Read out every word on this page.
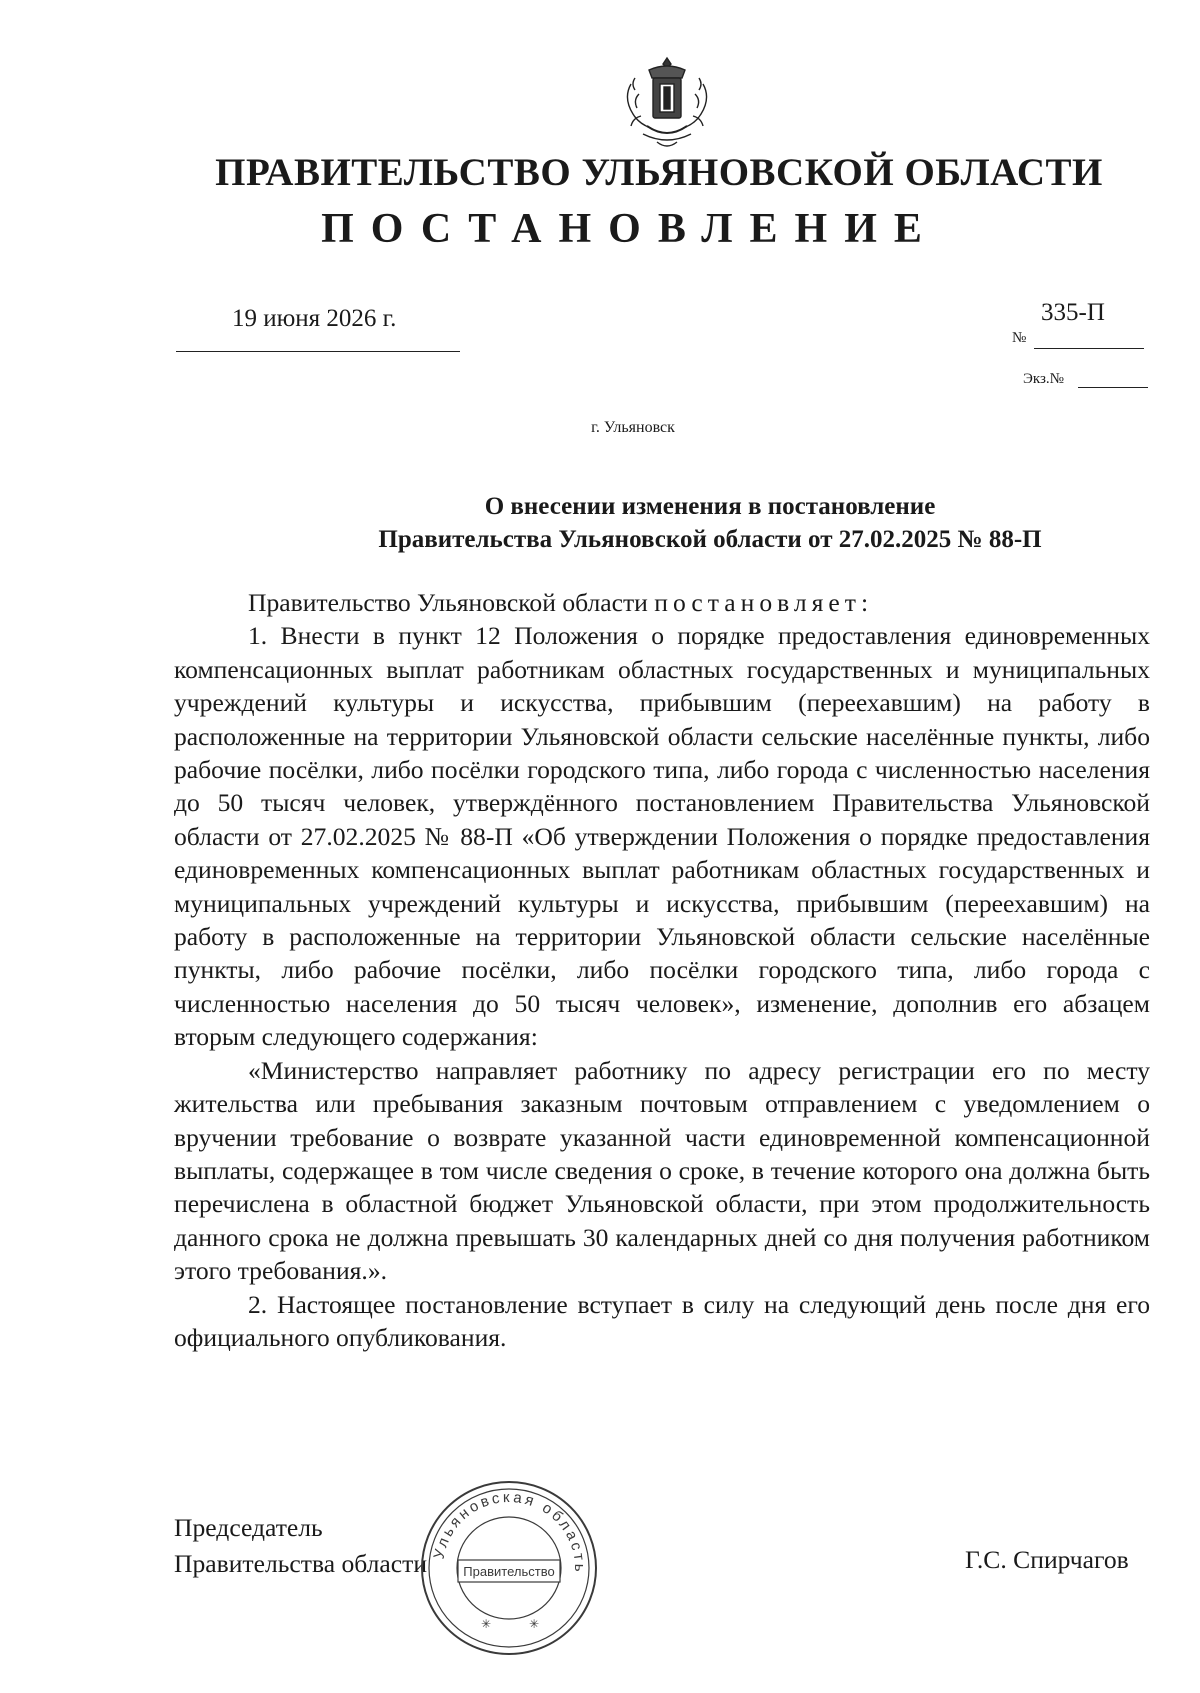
ПРАВИТЕЛЬСТВО УЛЬЯНОВСКОЙ ОБЛАСТИ
ПОСТАНОВЛЕНИЕ
19 июня 2026 г.	335-П
№
Экз.№
г. Ульяновск
О внесении изменения в постановление
Правительства Ульяновской области от 27.02.2025 № 88-П

Правительство Ульяновской области постановляет:

1. Внести в пункт 12 Положения о порядке предоставления единовременных компенсационных выплат работникам областных государственных и муниципальных учреждений культуры и искусства, прибывшим (переехавшим) на работу в расположенные на территории Ульяновской области сельские населённые пункты, либо рабочие посёлки, либо посёлки городского типа, либо города с численностью населения до 50 тысяч человек, утверждённого постановлением Правительства Ульяновской области от 27.02.2025 № 88-П «Об утверждении Положения о порядке предоставления единовременных компенсационных выплат работникам областных государственных и муниципальных учреждений культуры и искусства, прибывшим (переехавшим) на работу в расположенные на территории Ульяновской области сельские населённые пункты, либо рабочие посёлки, либо посёлки городского типа, либо города с численностью населения до 50 тысяч человек», изменение, дополнив его абзацем вторым следующего содержания:

«Министерство направляет работнику по адресу регистрации его по месту жительства или пребывания заказным почтовым отправлением с уведомлением о вручении требование о возврате указанной части единовременной компенсационной выплаты, содержащее в том числе сведения о сроке, в течение которого она должна быть перечислена в областной бюджет Ульяновской области, при этом продолжительность данного срока не должна превышать 30 календарных дней со дня получения работником этого требования.».

2. Настоящее постановление вступает в силу на следующий день после дня его официального опубликования.

Председатель
Правительства области	Г.С. Спирчагов
Ульяновская область
Правительство
✳	✳
